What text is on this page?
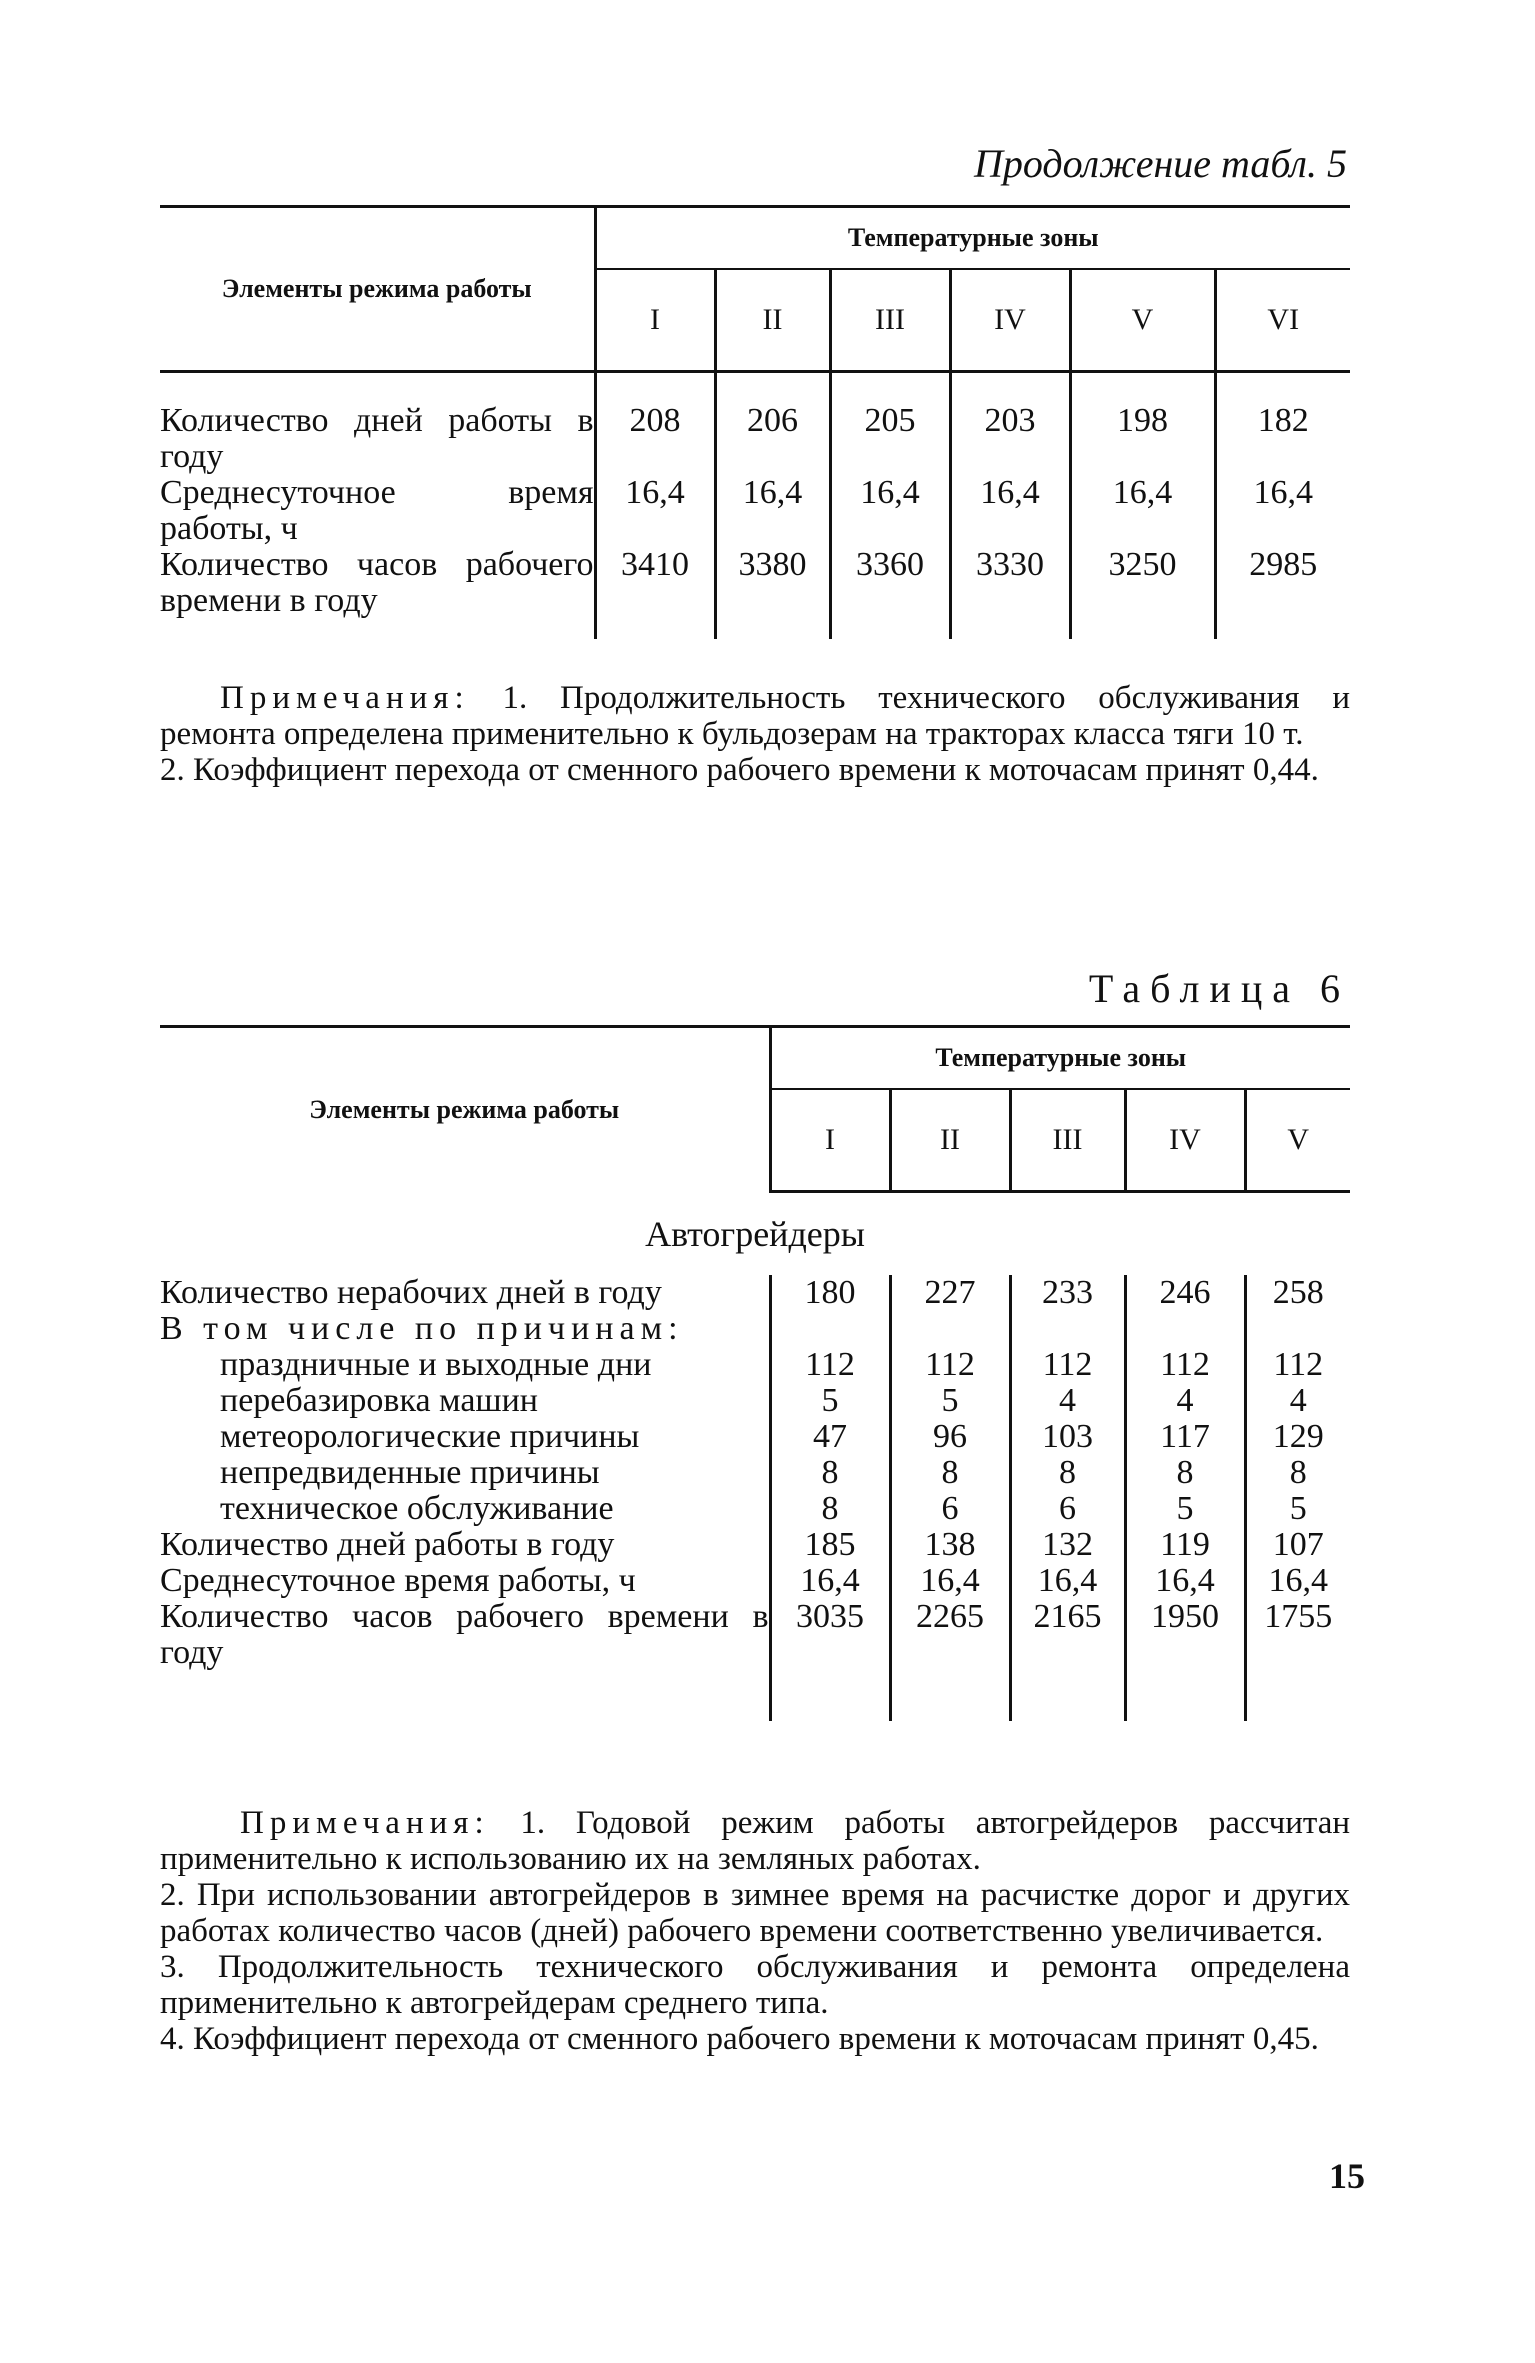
Продолжение табл. 5
Элементы режима работы	Температурные зоны					
	I	II	III	IV	V	VI
Количество дней работы в году	208	206	205	203	198	182
Среднесуточное время работы, ч	16,4	16,4	16,4	16,4	16,4	16,4
Количество часов рабочего времени в году	3410	3380	3360	3330	3250	2985
Примечания: 1. Продолжительность технического обслуживания и ремонта определена применительно к бульдозерам на тракторах класса тяги 10 т.
2. Коэффициент перехода от сменного рабочего времени к моточасам принят 0,44.
Таблица 6
Элементы режима работы	Температурные зоны				
	I	II	III	IV	V
Автогрейдеры					
Количество нерабочих дней в году	180	227	233	246	258
В том числе по причинам:					
праздничные и выходные дни	112	112	112	112	112
перебазировка машин	5	5	4	4	4
метеорологические причины	47	96	103	117	129
непредвиденные причины	8	8	8	8	8
техническое обслуживание	8	6	6	5	5
Количество дней работы в году	185	138	132	119	107
Среднесуточное время работы, ч	16,4	16,4	16,4	16,4	16,4
Количество часов рабочего времени в году	3035	2265	2165	1950	1755

Примечания: 1. Годовой режим работы автогрейдеров рассчитан применительно к использованию их на земляных работах.
2. При использовании автогрейдеров в зимнее время на расчистке дорог и других работах количество часов (дней) рабочего времени соответственно увеличивается.
3. Продолжительность технического обслуживания и ремонта определена применительно к автогрейдерам среднего типа.
4. Коэффициент перехода от сменного рабочего времени к моточасам принят 0,45.
15
